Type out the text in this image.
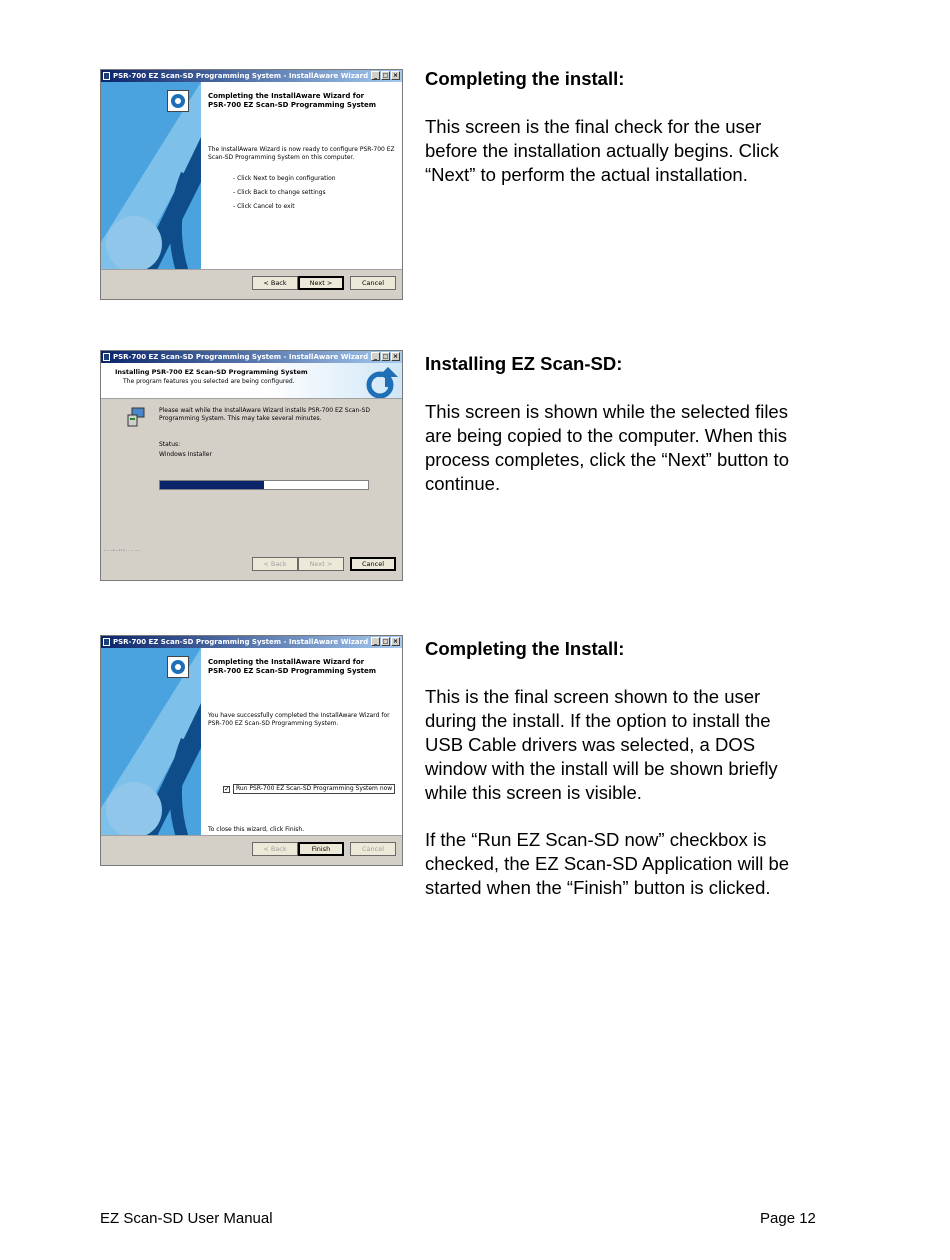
PSR-700 EZ Scan-SD Programming System - InstallAware Wizard _ □ ×
Completing the InstallAware Wizard for
PSR-700 EZ Scan-SD Programming System
The InstallAware Wizard is now ready to configure PSR-700 EZ
Scan-SD Programming System on this computer.
- Click Next to begin configuration
- Click Back to change settings
- Click Cancel to exit
< Back	Next >	Cancel
Completing the install:
This screen is the final check for the user
before the installation actually begins. Click
“Next” to perform the actual installation.
PSR-700 EZ Scan-SD Programming System - InstallAware Wizard _ □ ×
Installing PSR-700 EZ Scan-SD Programming System
The program features you selected are being configured.
Please wait while the InstallAware Wizard installs PSR-700 EZ Scan-SD
Programming System. This may take several minutes.
Status:
Windows Installer
< Back	Next >	Cancel
Installing EZ Scan-SD:
This screen is shown while the selected files
are being copied to the computer. When this
process completes, click the “Next” button to
continue.
PSR-700 EZ Scan-SD Programming System - InstallAware Wizard _ □ ×
Completing the InstallAware Wizard for
PSR-700 EZ Scan-SD Programming System
You have successfully completed the InstallAware Wizard for
PSR-700 EZ Scan-SD Programming System.
✓	Run PSR-700 EZ Scan-SD Programming System now
To close this wizard, click Finish.
< Back	Finish	Cancel
Completing the Install:
This is the final screen shown to the user
during the install. If the option to install the
USB Cable drivers was selected, a DOS
window with the install will be shown briefly
while this screen is visible.
If the “Run EZ Scan-SD now” checkbox is
checked, the EZ Scan-SD Application will be
started when the “Finish” button is clicked.
EZ Scan-SD User Manual	Page 12
